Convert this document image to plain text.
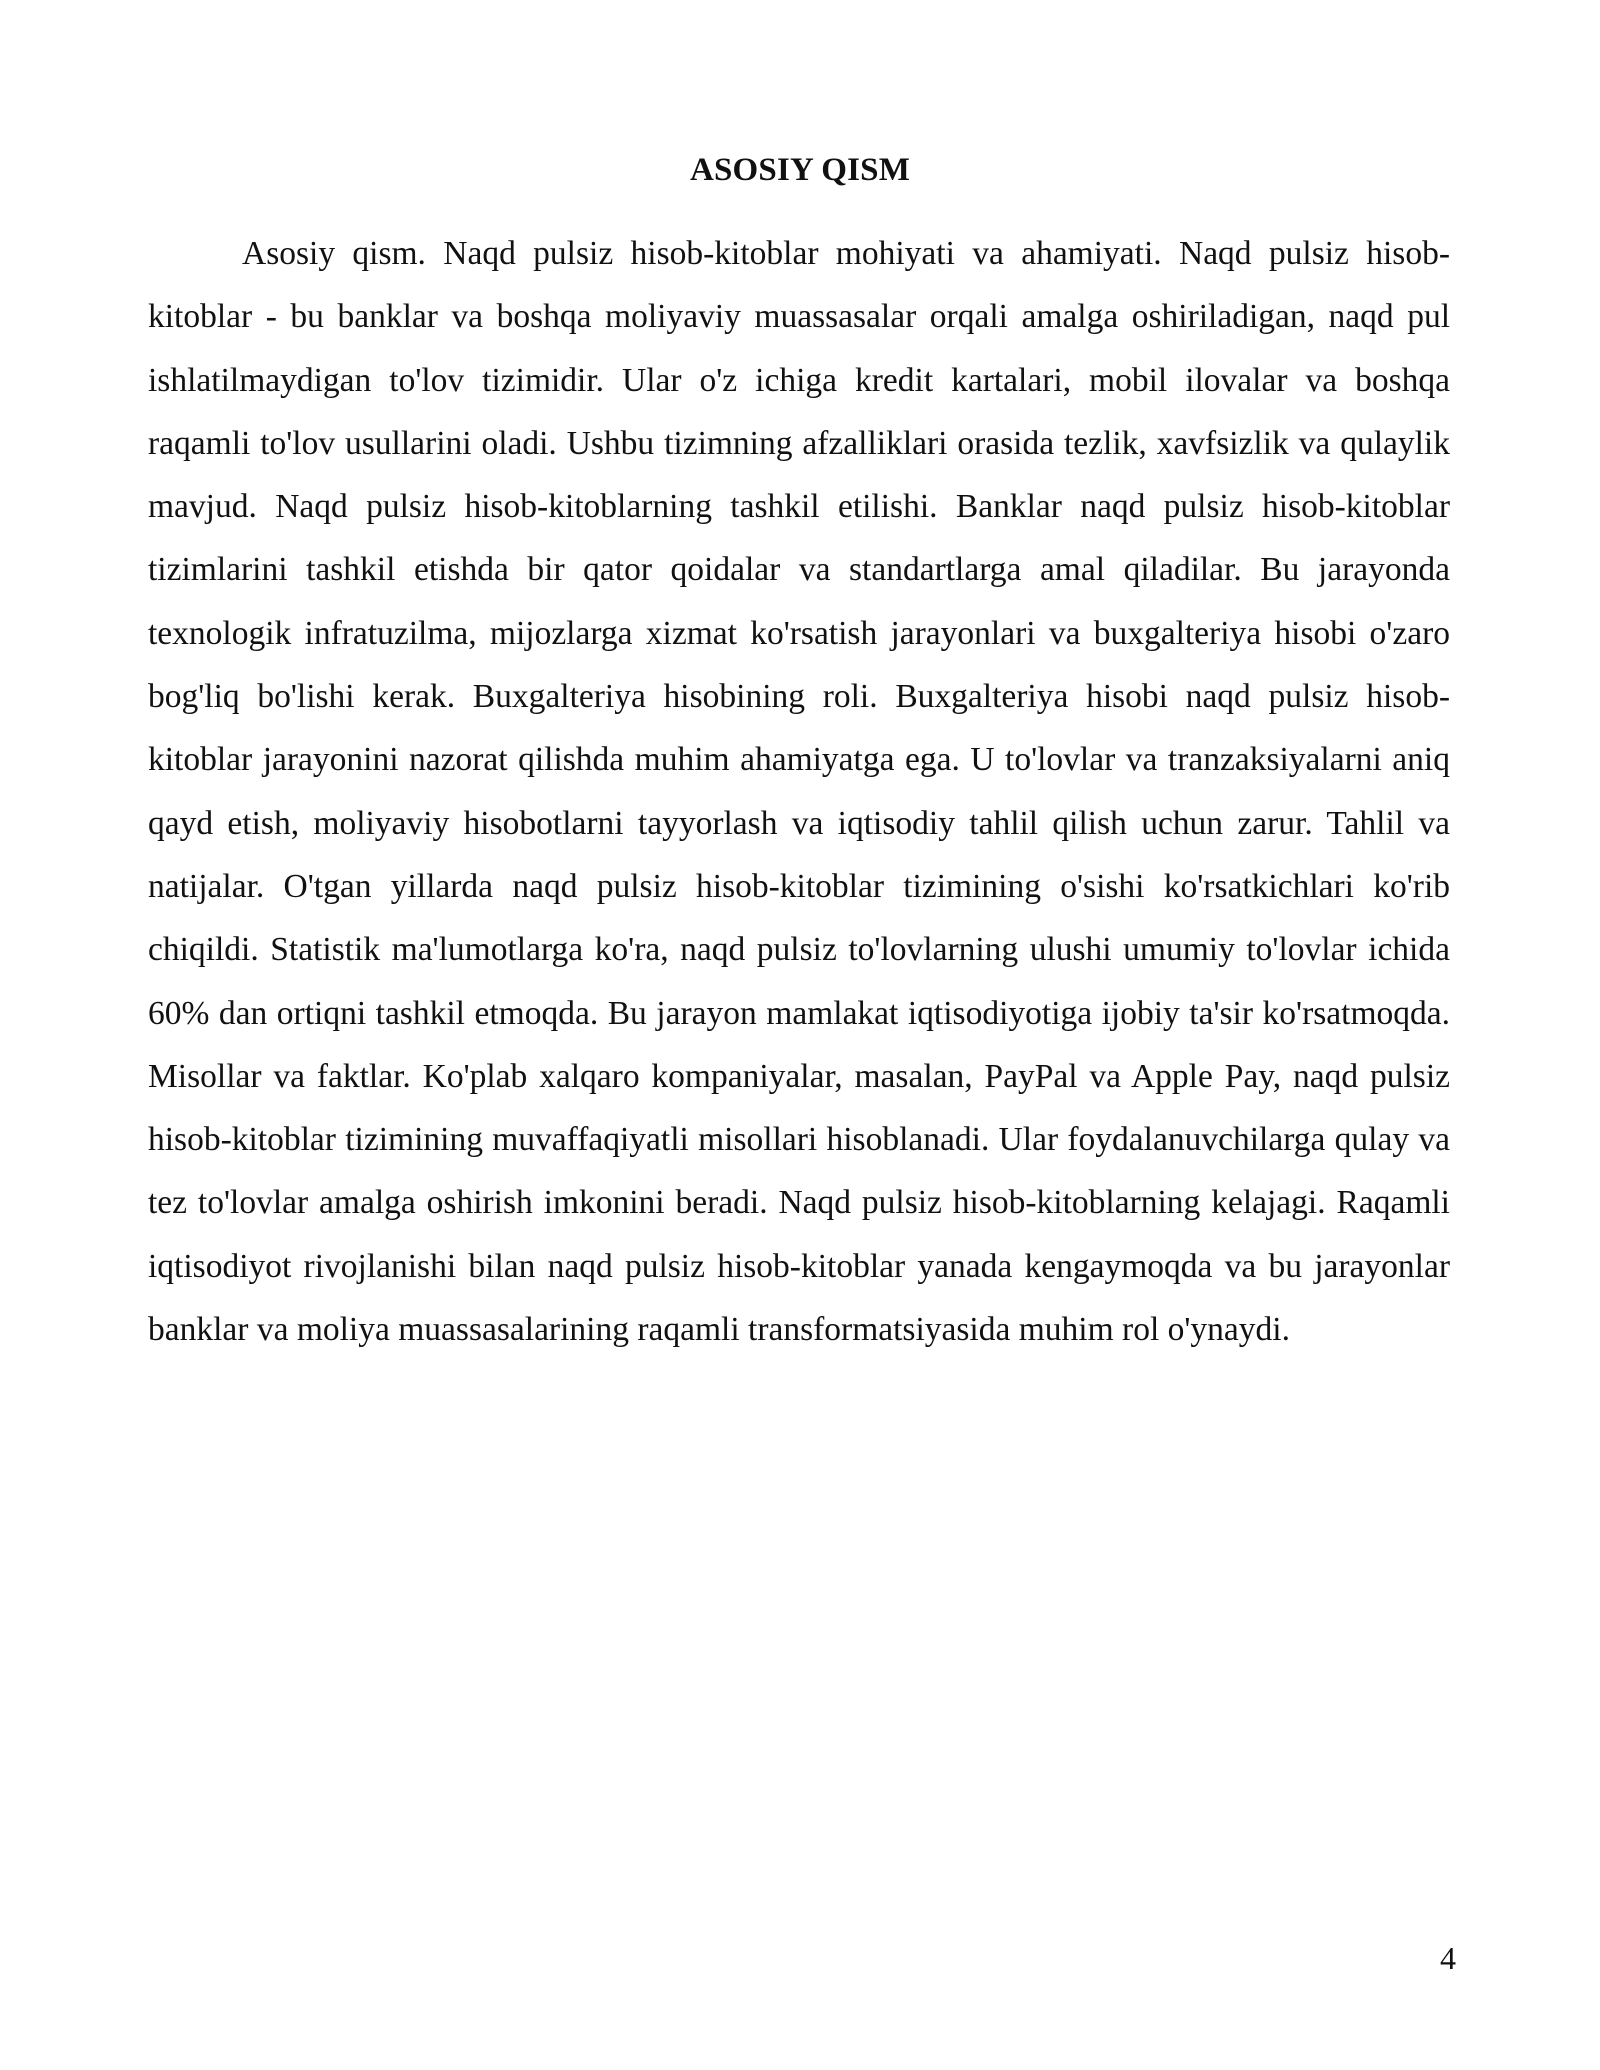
ASOSIY QISM

Asosiy qism. Naqd pulsiz hisob-kitoblar mohiyati va ahamiyati. Naqd pulsiz hisob-kitoblar - bu banklar va boshqa moliyaviy muassasalar orqali amalga oshiriladigan, naqd pul ishlatilmaydigan to'lov tizimidir. Ular o'z ichiga kredit kartalari, mobil ilovalar va boshqa raqamli to'lov usullarini oladi. Ushbu tizimning afzalliklari orasida tezlik, xavfsizlik va qulaylik mavjud. Naqd pulsiz hisob-kitoblarning tashkil etilishi. Banklar naqd pulsiz hisob-kitoblar tizimlarini tashkil etishda bir qator qoidalar va standartlarga amal qiladilar. Bu jarayonda texnologik infratuzilma, mijozlarga xizmat ko'rsatish jarayonlari va buxgalteriya hisobi o'zaro bog'liq bo'lishi kerak. Buxgalteriya hisobining roli. Buxgalteriya hisobi naqd pulsiz hisob-kitoblar jarayonini nazorat qilishda muhim ahamiyatga ega. U to'lovlar va tranzaksiyalarni aniq qayd etish, moliyaviy hisobotlarni tayyorlash va iqtisodiy tahlil qilish uchun zarur. Tahlil va natijalar. O'tgan yillarda naqd pulsiz hisob-kitoblar tizimining o'sishi ko'rsatkichlari ko'rib chiqildi. Statistik ma'lumotlarga ko'ra, naqd pulsiz to'lovlarning ulushi umumiy to'lovlar ichida 60% dan ortiqni tashkil etmoqda. Bu jarayon mamlakat iqtisodiyotiga ijobiy ta'sir ko'rsatmoqda. Misollar va faktlar. Ko'plab xalqaro kompaniyalar, masalan, PayPal va Apple Pay, naqd pulsiz hisob-kitoblar tizimining muvaffaqiyatli misollari hisoblanadi. Ular foydalanuvchilarga qulay va tez to'lovlar amalga oshirish imkonini beradi. Naqd pulsiz hisob-kitoblarning kelajagi. Raqamli iqtisodiyot rivojlanishi bilan naqd pulsiz hisob-kitoblar yanada kengaymoqda va bu jarayonlar banklar va moliya muassasalarining raqamli transformatsiyasida muhim rol o'ynaydi.

4
